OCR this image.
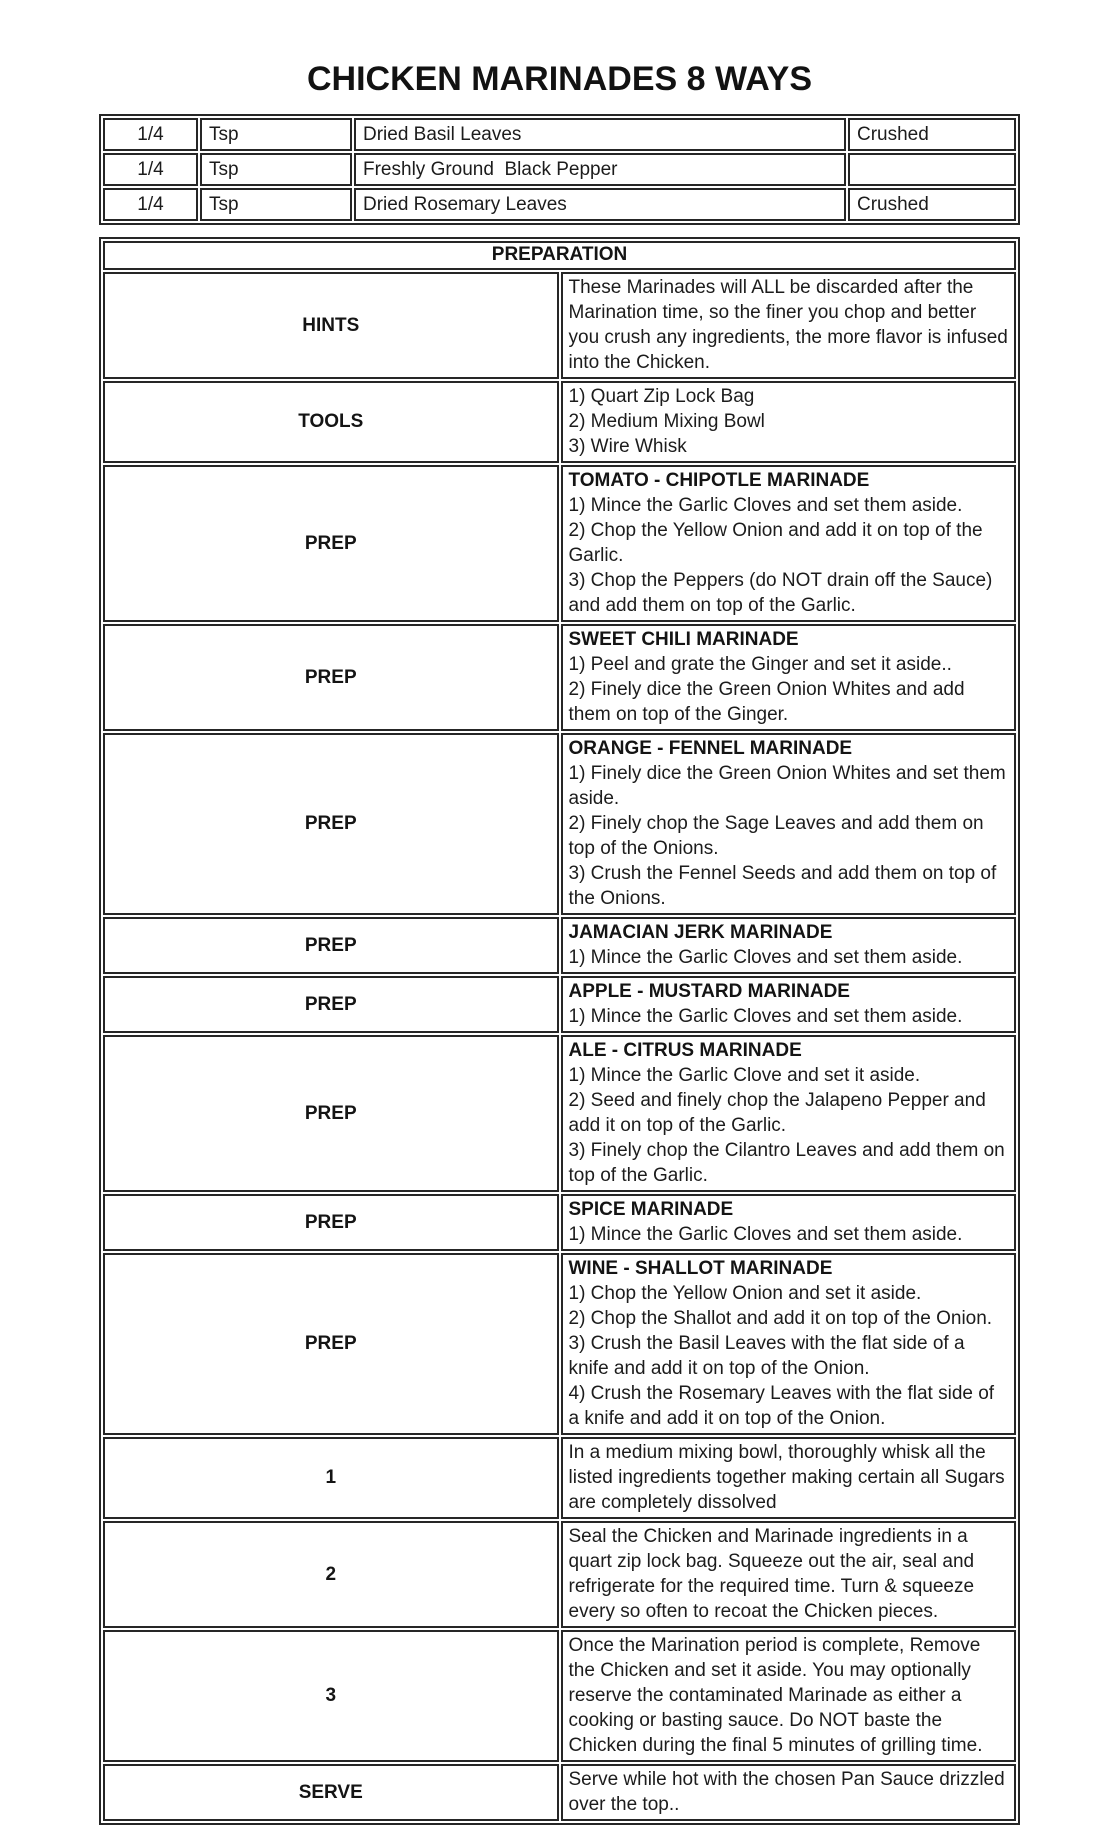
CHICKEN MARINADES 8 WAYS
1/4	Tsp	Dried Basil Leaves	Crushed
1/4	Tsp	Freshly Ground  Black Pepper	
1/4	Tsp	Dried Rosemary Leaves	Crushed
PREPARATION	
HINTS	These Marinades will ALL be discarded after the Marination time, so the finer you chop and better you crush any ingredients, the more flavor is infused into the Chicken.

TOOLS	1) Quart Zip Lock Bag
2) Medium Mixing Bowl
3) Wire Whisk

PREP	TOMATO - CHIPOTLE MARINADE
1) Mince the Garlic Cloves and set them aside.
2) Chop the Yellow Onion and add it on top of the Garlic.
3) Chop the Peppers (do NOT drain off the Sauce) and add them on top of the Garlic.

PREP	SWEET CHILI MARINADE
1) Peel and grate the Ginger and set it aside..
2) Finely dice the Green Onion Whites and add them on top of the Ginger.

PREP	ORANGE - FENNEL MARINADE
1) Finely dice the Green Onion Whites and set them aside.
2) Finely chop the Sage Leaves and add them on top of the Onions.
3) Crush the Fennel Seeds and add them on top of the Onions.

PREP	JAMACIAN JERK MARINADE
1) Mince the Garlic Cloves and set them aside.

PREP	APPLE - MUSTARD MARINADE
1) Mince the Garlic Cloves and set them aside.

PREP	ALE - CITRUS MARINADE
1) Mince the Garlic Clove and set it aside.
2) Seed and finely chop the Jalapeno Pepper and add it on top of the Garlic.
3) Finely chop the Cilantro Leaves and add them on top of the Garlic.

PREP	SPICE MARINADE
1) Mince the Garlic Cloves and set them aside.

PREP	WINE - SHALLOT MARINADE
1) Chop the Yellow Onion and set it aside.
2) Chop the Shallot and add it on top of the Onion.
3) Crush the Basil Leaves with the flat side of a knife and add it on top of the Onion.
4) Crush the Rosemary Leaves with the flat side of a knife and add it on top of the Onion.

1	In a medium mixing bowl, thoroughly whisk all the listed ingredients together making certain all Sugars are completely dissolved

2	Seal the Chicken and Marinade ingredients in a quart zip lock bag. Squeeze out the air, seal and refrigerate for the required time. Turn & squeeze every so often to recoat the Chicken pieces.

3	Once the Marination period is complete, Remove the Chicken and set it aside. You may optionally reserve the contaminated Marinade as either a cooking or basting sauce. Do NOT baste the Chicken during the final 5 minutes of grilling time.

SERVE	Serve while hot with the chosen Pan Sauce drizzled over the top..
